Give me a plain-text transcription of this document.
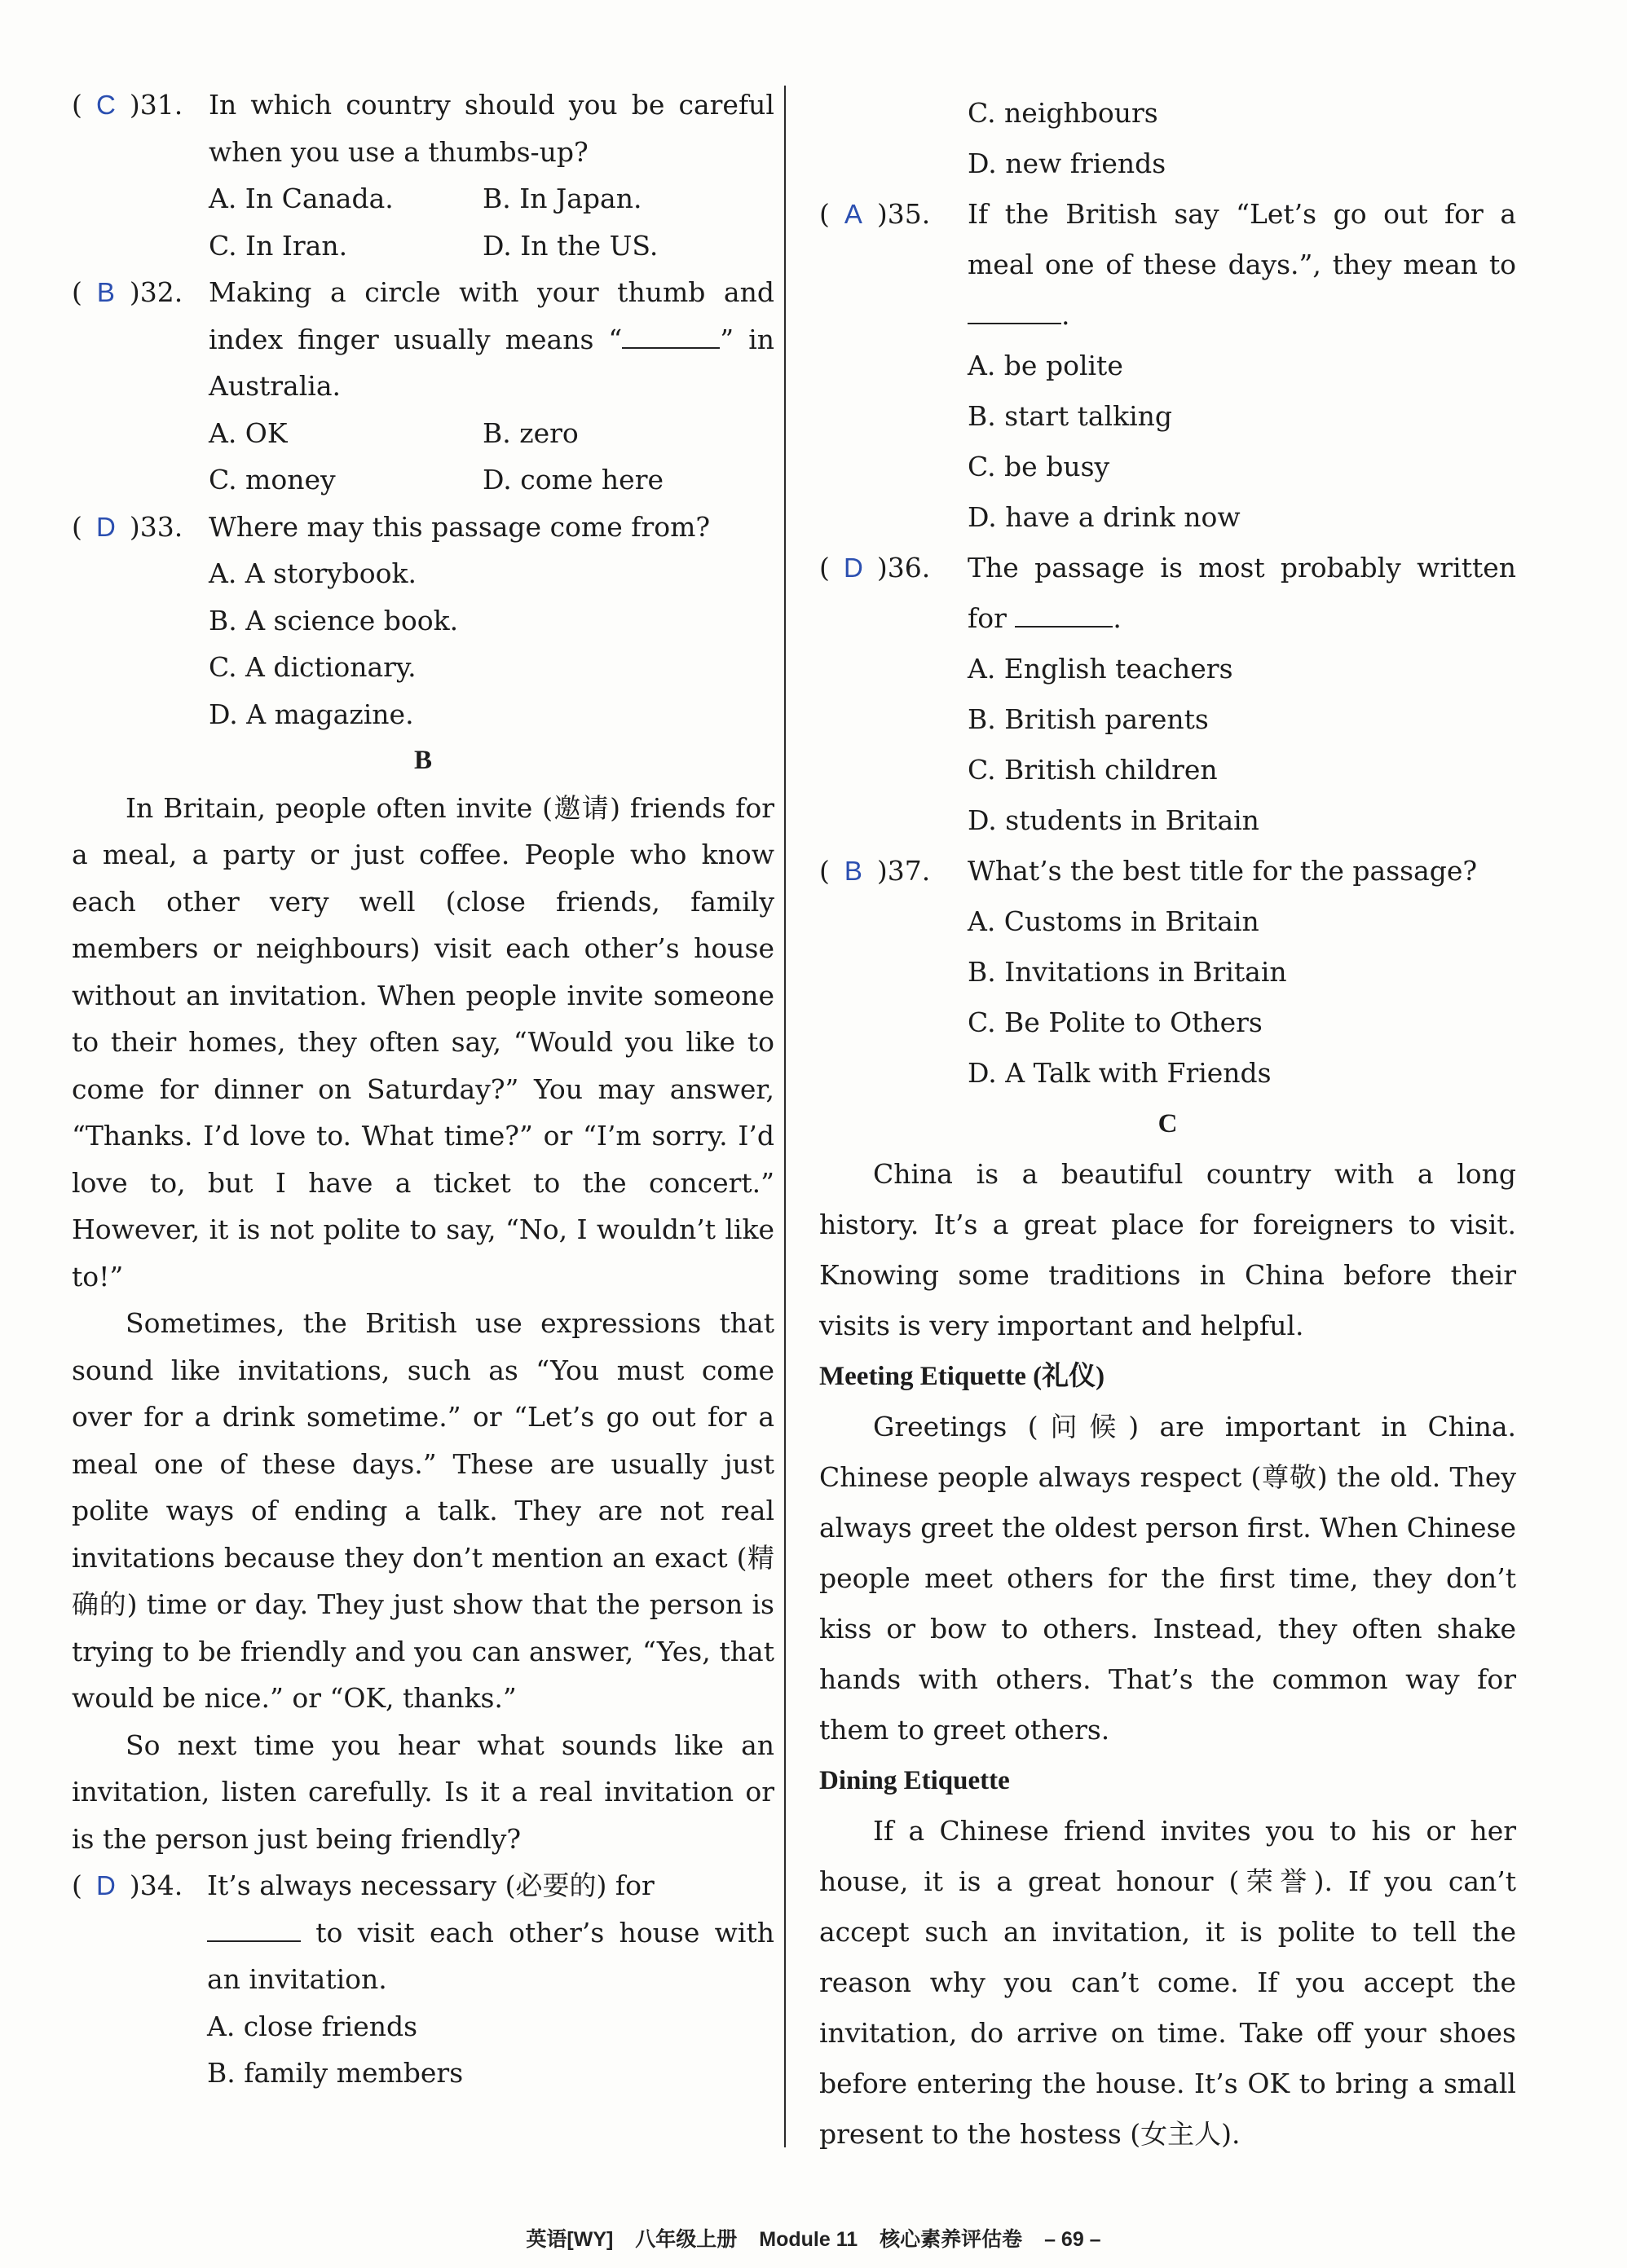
( C )31. In which country should you be careful when you use a thumbs-up?
A. In Canada.	B. In Japan.
C. In Iran.	D. In the US.
( B )32. Making a circle with your thumb and index finger usually means “	” in Australia.
A. OK	B. zero
C. money	D. come here
( D )33. Where may this passage come from?
A. A storybook.
B. A science book.
C. A dictionary.
D. A magazine.
B
In Britain, people often invite (邀请) friends for a meal, a party or just coffee. People who know each other very well (close friends, family members or neighbours) visit each other’s house without an invitation. When people invite someone to their homes, they often say, “Would you like to come for dinner on Saturday?” You may answer, “Thanks. I’d love to. What time?” or “I’m sorry. I’d love to, but I have a ticket to the concert.” However, it is not polite to say, “No, I wouldn’t like to!”
Sometimes, the British use expressions that sound like invitations, such as “You must come over for a drink sometime.” or “Let’s go out for a meal one of these days.” These are usually just polite ways of ending a talk. They are not real invitations because they don’t mention an exact (精确的) time or day. They just show that the person is trying to be friendly and you can answer, “Yes, that would be nice.” or “OK, thanks.”
So next time you hear what sounds like an invitation, listen carefully. Is it a real invitation or is the person just being friendly?
( D )34. It’s always necessary (必要的) for
to visit each other’s house with an invitation.
A. close friends
B. family members
C. neighbours
D. new friends
( A )35.	If the British say “Let’s go out for a meal one of these days.”, they mean to .
A. be polite
B. start talking
C. be busy
D. have a drink now
( D )36.	The passage is most probably written for	.
A. English teachers
B. British parents
C. British children
D. students in Britain
( B )37.	What’s the best title for the passage?
A. Customs in Britain
B. Invitations in Britain
C. Be Polite to Others
D. A Talk with Friends
C
China is a beautiful country with a long history. It’s a great place for foreigners to visit. Knowing some traditions in China before their visits is very important and helpful.
Meeting Etiquette (礼仪)
Greetings (问候) are important in China. Chinese people always respect (尊敬) the old. They always greet the oldest person first. When Chinese people meet others for the first time, they don’t kiss or bow to others. Instead, they often shake hands with others. That’s the common way for them to greet others.
Dining Etiquette
If a Chinese friend invites you to his or her house, it is a great honour (荣誉). If you can’t accept such an invitation, it is polite to tell the reason why you can’t come. If you accept the invitation, do arrive on time. Take off your shoes before entering the house. It’s OK to bring a small present to the hostess (女主人).
英语[WY] 八年级上册 Module 11 核心素养评估卷 – 69 –
